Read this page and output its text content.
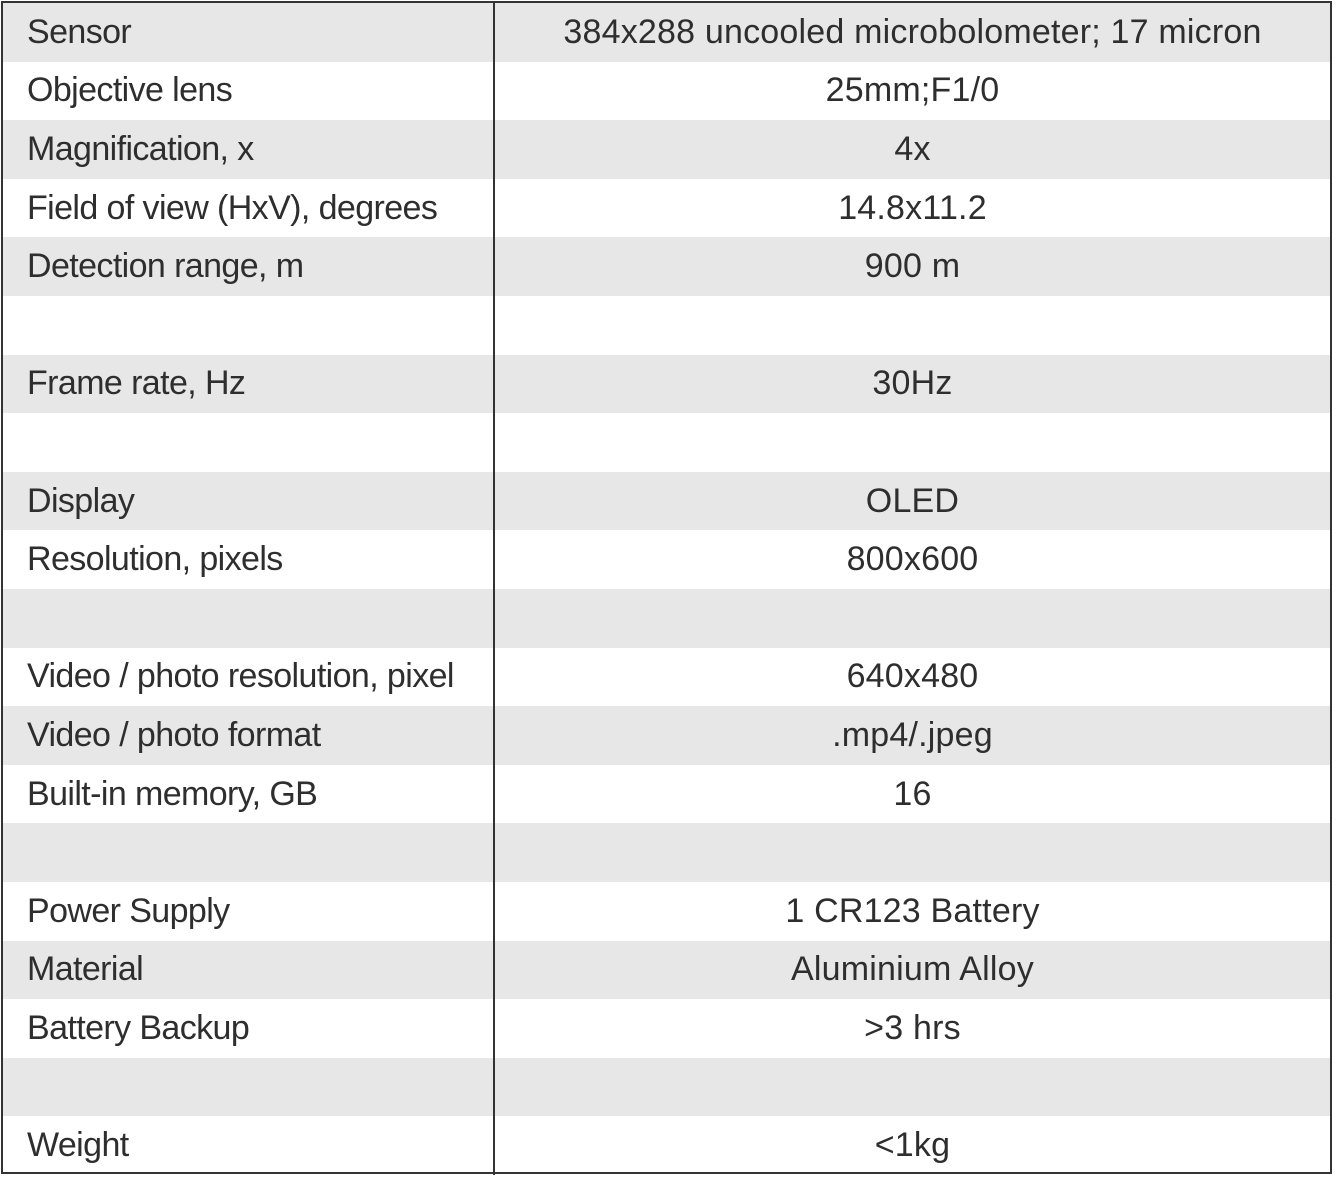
Sensor	384x288 uncooled microbolometer; 17 micron
Objective lens	25mm;F1/0
Magnification, x	4x
Field of view (HxV), degrees	14.8x11.2
Detection range, m	900 m
Frame rate, Hz	30Hz
Display	OLED
Resolution, pixels	800x600
Video / photo resolution, pixel	640x480
Video / photo format	.mp4/.jpeg
Built-in memory, GB	16
Power Supply	1 CR123 Battery
Material	Aluminium Alloy
Battery Backup	>3 hrs
Weight	<1kg
